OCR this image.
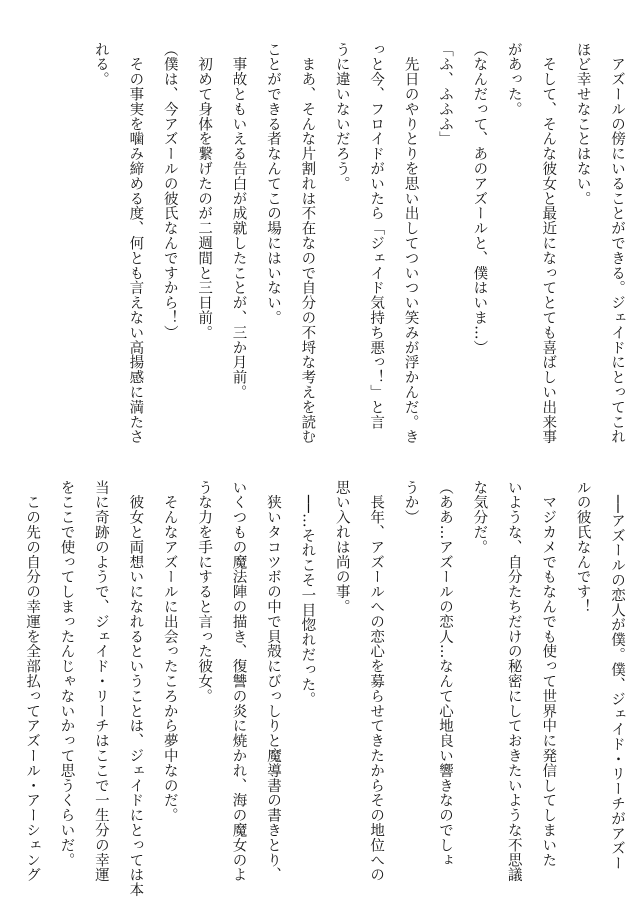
　アズールの傍にいることができる。ジェイドにとってこれ
ほど幸せなことはない。
　そして、そんな彼女と最近になってとても喜ばしい出来事
があった。
（なんだって、あのアズールと、僕はいま…）
「ふ、ふふふ」
　先日のやりとりを思い出してついつい笑みが浮かんだ。き
っと今、フロイドがいたら「ジェイド気持ち悪っ！」と言
うに違いないだろう。
　まあ、そんな片割れは不在なので自分の不埒な考えを読む
ことができる者なんてこの場にはいない。
　事故ともいえる告白が成就したことが、三か月前。
　初めて身体を繋げたのが二週間と三日前。
（僕は、今アズールの彼氏なんですから！）
　その事実を噛み締める度、何とも言えない高揚感に満たさ
れる。
　──アズールの恋人が僕。僕、ジェイド・リーチがアズー
ルの彼氏なんです！
　マジカメでもなんでも使って世界中に発信してしまいた
いような、自分たちだけの秘密にしておきたいような不思議
な気分だ。
（ああ…アズールの恋人…なんて心地良い響きなのでしょ
うか）
　長年、アズールへの恋心を募らせてきたからその地位への
思い入れは尚の事。
　──…それこそ一目惚れだった。
　狭いタコツボの中で貝殻にびっしりと魔導書の書きとり、
いくつもの魔法陣の描き、復讐の炎に焼かれ、海の魔女のよ
うな力を手にすると言った彼女。
　そんなアズールに出会ったころから夢中なのだ。
　彼女と両想いになれるということは、ジェイドにとっては本
当に奇跡のようで、ジェイド・リーチはここで一生分の幸運
をここで使ってしまったんじゃないかって思うくらいだ。
　この先の自分の幸運を全部払ってアズール・アーシェング
